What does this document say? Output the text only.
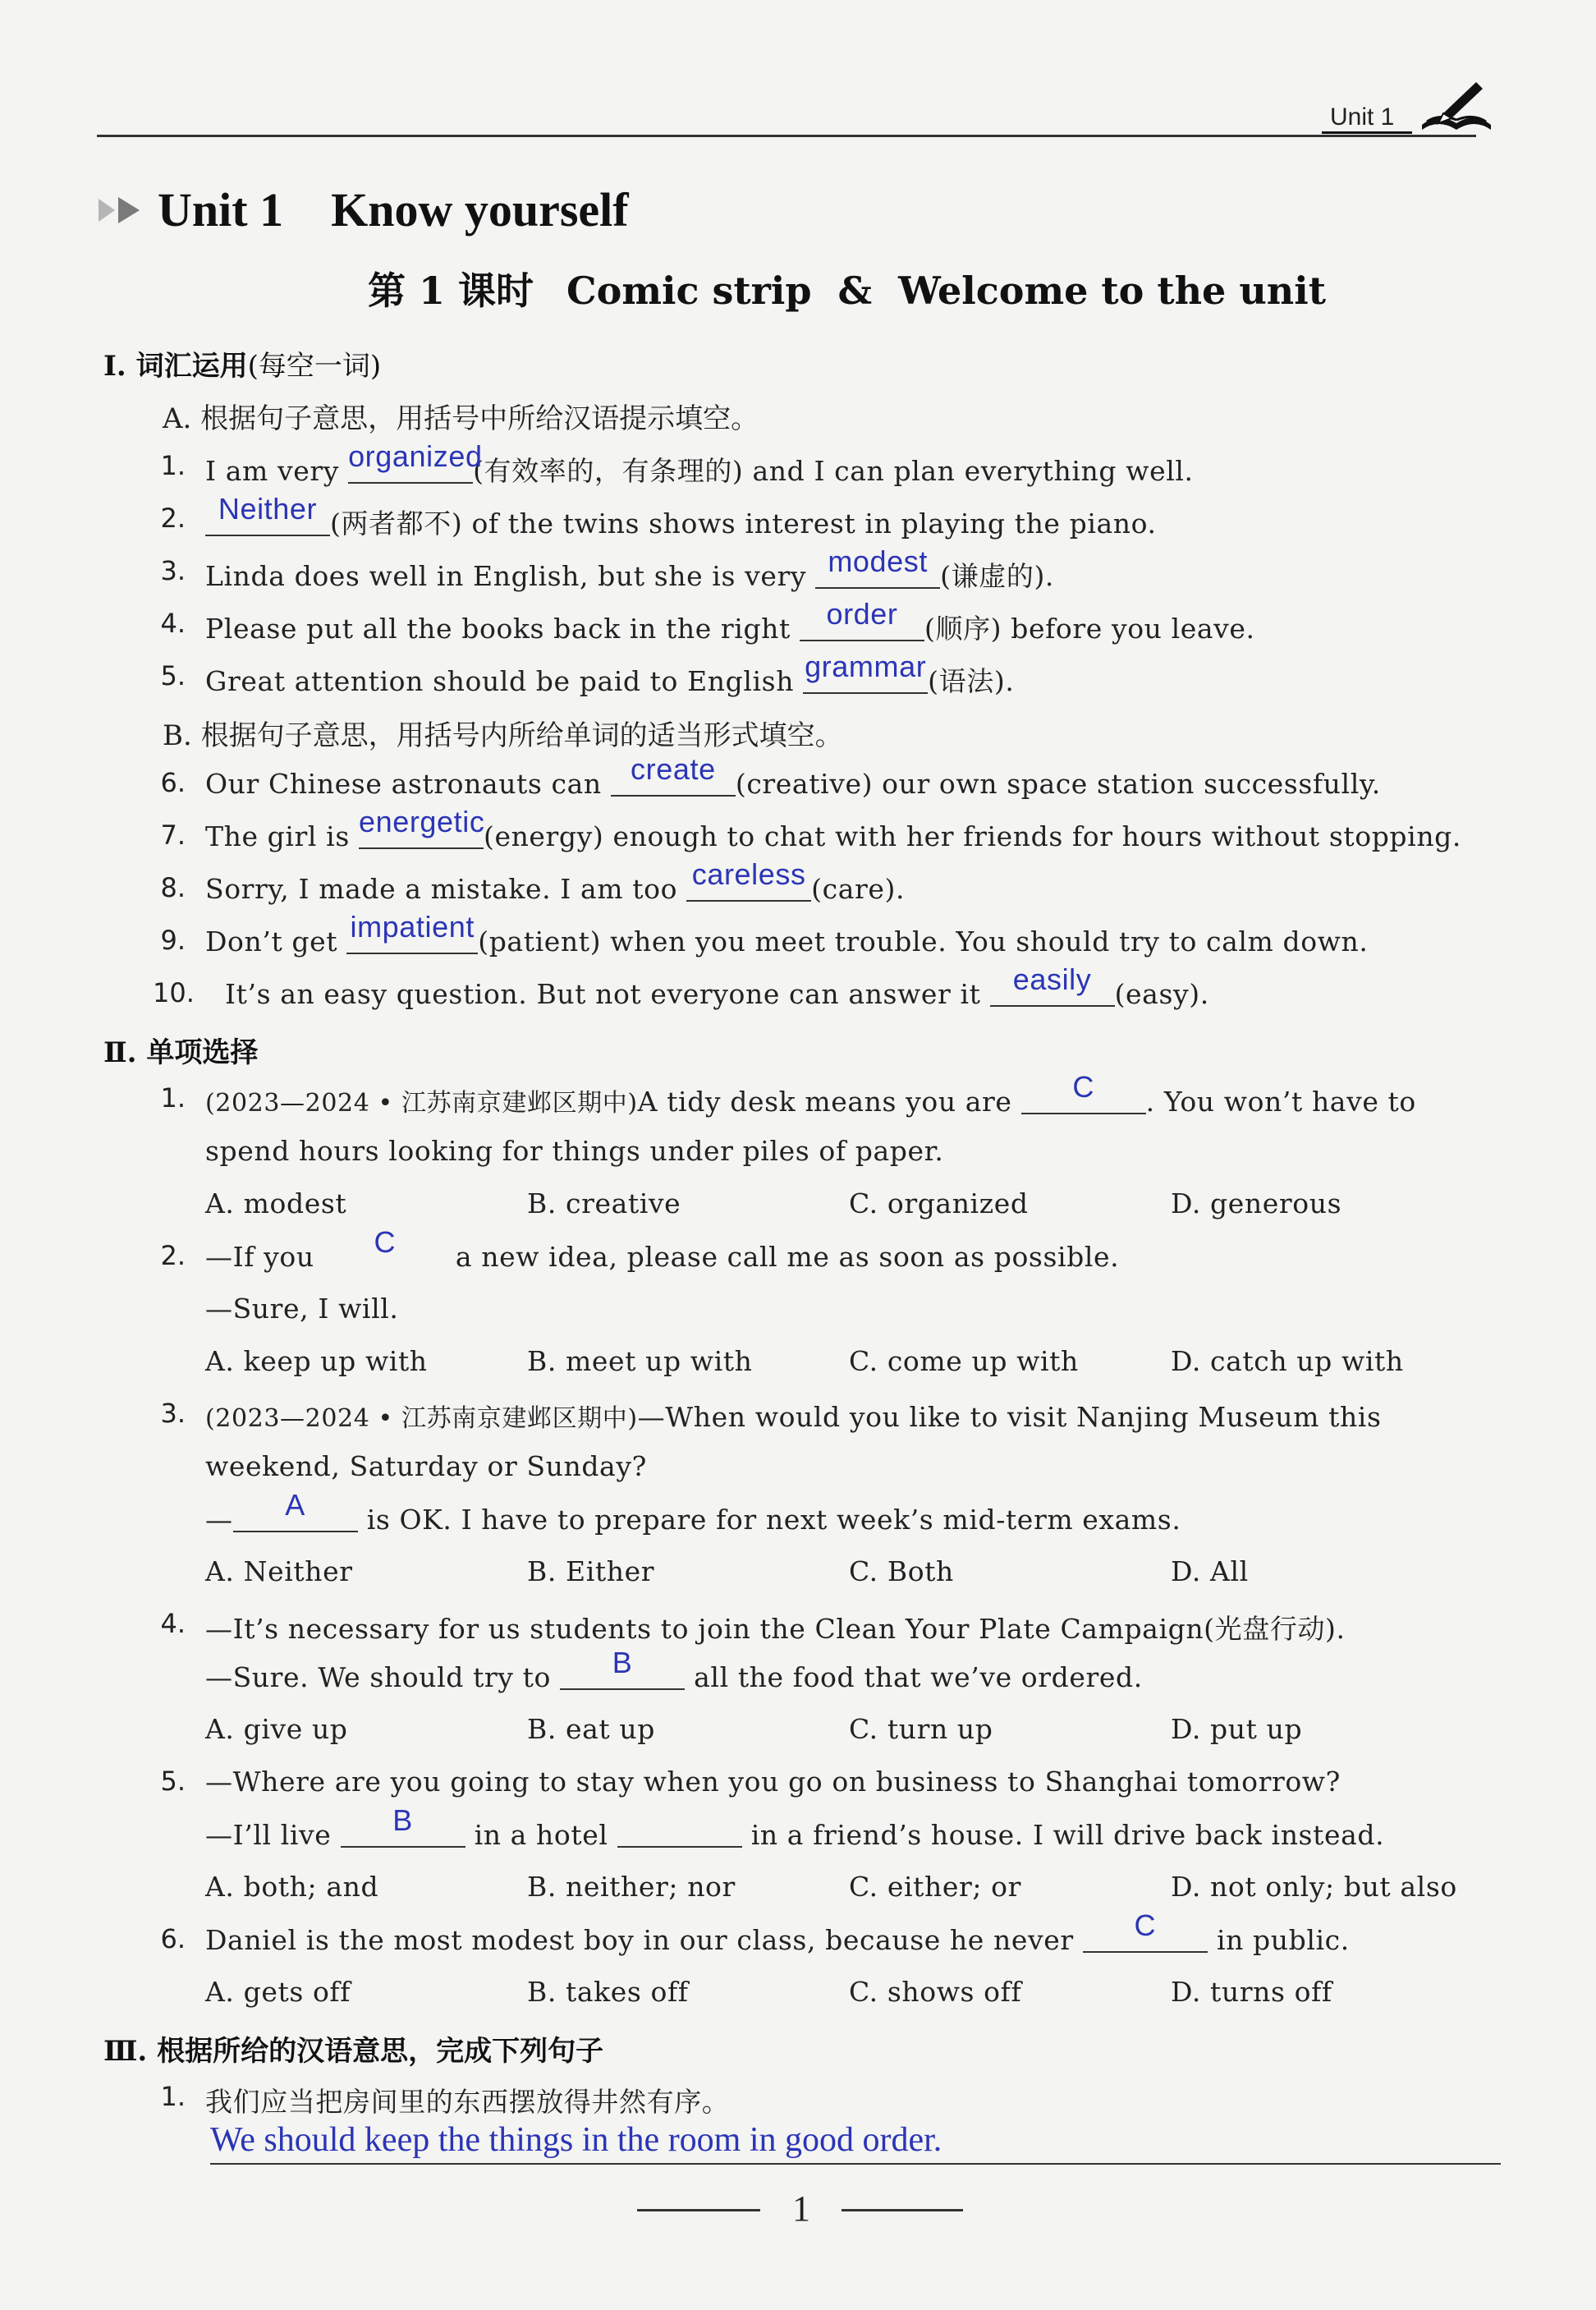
Unit 1
Unit 1 Know yourself
第 1 课时 Comic strip  &  Welcome to the unit
Ⅰ. 词汇运用(每空一词)
A. 根据句子意思，用括号中所给汉语提示填空。
1. I am very organized
(有效率的，有条理的) and I can plan everything well.
2.	Neither (两者都不) of the twins shows interest in playing the piano.
3. Linda does well in English, but she is very modest (谦虚的).
4. Please put all the books back in the right order (顺序) before you leave.
5. Great attention should be paid to English grammar (语法).
B. 根据句子意思，用括号内所给单词的适当形式填空。
6. Our Chinese astronauts can create (creative) our own space station successfully.
7. The girl is energetic
(energy) enough to chat with her friends for hours without stopping.
8. Sorry, I made a mistake. I am too careless (care).
9. Don’t get impatient (patient) when you meet trouble. You should try to calm down.
10. It’s an easy question. But not everyone can answer it easily (easy).
Ⅱ. 单项选择
1. (2023—2024 • 江苏南京建邺区期中)A tidy desk means you are	C	. You won’t have to
spend hours looking for things under piles of paper.
A. modest	B. creative	C. organized	D. generous
2. —If you	C	a new idea, please call me as soon as possible.
—Sure, I will.
A. keep up with	B. meet up with	C. come up with	D. catch up with
3. (2023—2024 • 江苏南京建邺区期中)—When would you like to visit Nanjing Museum this
weekend, Saturday or Sunday?
—	A	is OK. I have to prepare for next week’s mid-term exams.
A. Neither	B. Either	C. Both	D. All
4. —It’s necessary for us students to join the Clean Your Plate Campaign(光盘行动).
—Sure. We should try to	B	all the food that we’ve ordered.
A. give up	B. eat up	C. turn up	D. put up
5. —Where are you going to stay when you go on business to Shanghai tomorrow?
—I’ll live	B	in a hotel	in a friend’s house. I will drive back instead.
A. both; and	B. neither; nor	C. either; or	D. not only; but also
6. Daniel is the most modest boy in our class, because he never	C	in public.
A. gets off	B. takes off	C. shows off	D. turns off
Ⅲ. 根据所给的汉语意思，完成下列句子
1. 我们应当把房间里的东西摆放得井然有序。
We should keep the things in the room in good order.
1
